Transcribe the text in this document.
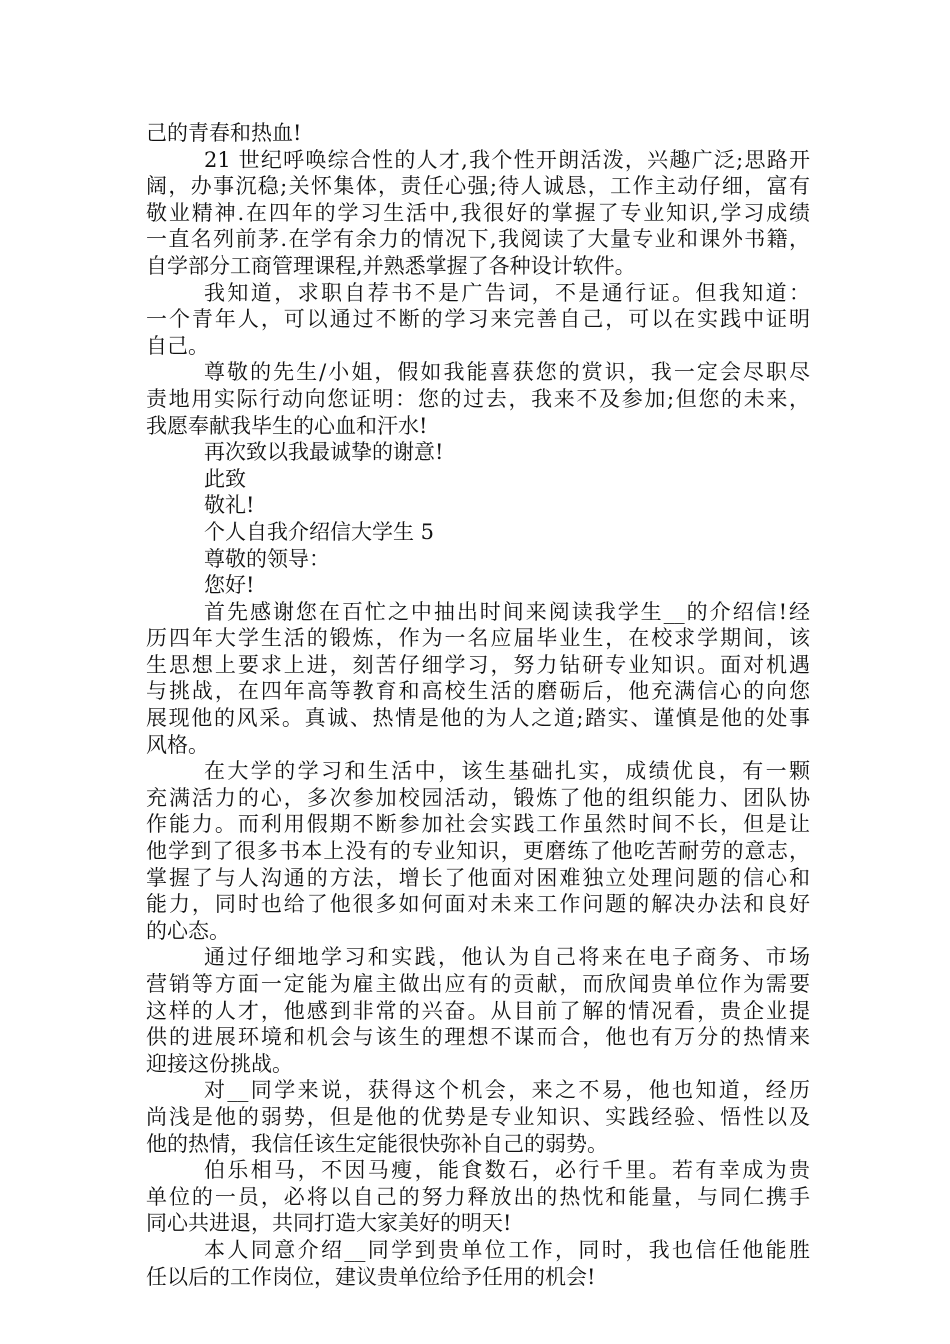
己的青春和热血!
21 世纪呼唤综合性的人才,我个性开朗活泼，兴趣广泛;思路开
阔，办事沉稳;关怀集体，责任心强;待人诚恳，工作主动仔细，富有
敬业精神.在四年的学习生活中,我很好的掌握了专业知识,学习成绩
一直名列前茅.在学有余力的情况下,我阅读了大量专业和课外书籍，
自学部分工商管理课程,并熟悉掌握了各种设计软件。
我知道，求职自荐书不是广告词，不是通行证。但我知道：
一个青年人，可以通过不断的学习来完善自己，可以在实践中证明
自己。
尊敬的先生/小姐，假如我能喜获您的赏识，我一定会尽职尽
责地用实际行动向您证明：您的过去，我来不及参加;但您的未来，
我愿奉献我毕生的心血和汗水!
再次致以我最诚挚的谢意!
此致
敬礼!
个人自我介绍信大学生 5
尊敬的领导：
您好!
首先感谢您在百忙之中抽出时间来阅读我学生__的介绍信!经
历四年大学生活的锻炼，作为一名应届毕业生，在校求学期间，该
生思想上要求上进，刻苦仔细学习，努力钻研专业知识。面对机遇
与挑战，在四年高等教育和高校生活的磨砺后，他充满信心的向您
展现他的风采。真诚、热情是他的为人之道;踏实、谨慎是他的处事
风格。
在大学的学习和生活中，该生基础扎实，成绩优良，有一颗
充满活力的心，多次参加校园活动，锻炼了他的组织能力、团队协
作能力。而利用假期不断参加社会实践工作虽然时间不长，但是让
他学到了很多书本上没有的专业知识，更磨练了他吃苦耐劳的意志，
掌握了与人沟通的方法，增长了他面对困难独立处理问题的信心和
能力，同时也给了他很多如何面对未来工作问题的解决办法和良好
的心态。
通过仔细地学习和实践，他认为自己将来在电子商务、市场
营销等方面一定能为雇主做出应有的贡献，而欣闻贵单位作为需要
这样的人才，他感到非常的兴奋。从目前了解的情况看，贵企业提
供的进展环境和机会与该生的理想不谋而合，他也有万分的热情来
迎接这份挑战。
对__同学来说，获得这个机会，来之不易，他也知道，经历
尚浅是他的弱势，但是他的优势是专业知识、实践经验、悟性以及
他的热情，我信任该生定能很快弥补自己的弱势。
伯乐相马，不因马瘦，能食数石，必行千里。若有幸成为贵
单位的一员，必将以自己的努力释放出的热忱和能量，与同仁携手
同心共进退，共同打造大家美好的明天!
本人同意介绍__同学到贵单位工作，同时，我也信任他能胜
任以后的工作岗位，建议贵单位给予任用的机会!
